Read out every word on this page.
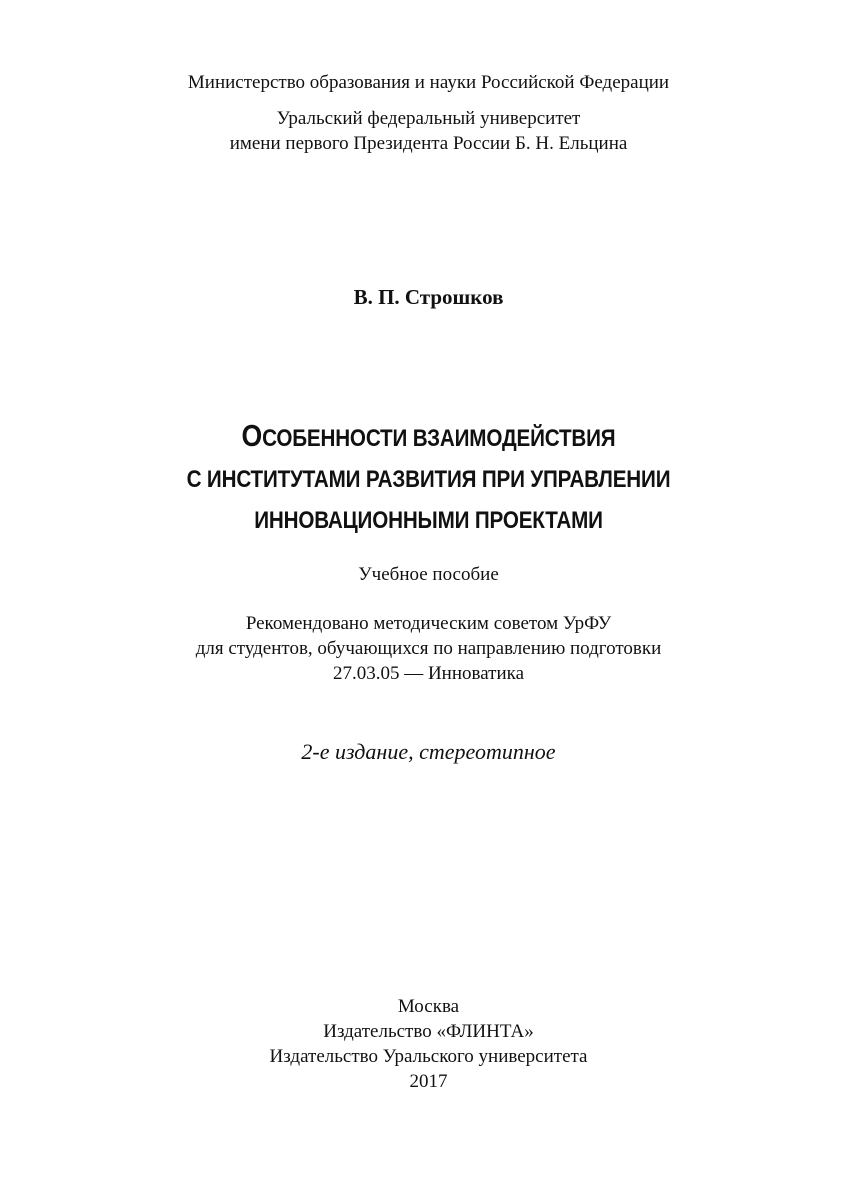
Министерство образования и науки Российской Федерации
Уральский федеральный университет
имени первого Президента России Б. Н. Ельцина
В. П. Строшков
ОСОБЕННОСТИ ВЗАИМОДЕЙСТВИЯ
С ИНСТИТУТАМИ РАЗВИТИЯ ПРИ УПРАВЛЕНИИ
ИННОВАЦИОННЫМИ ПРОЕКТАМИ
Учебное пособие
Рекомендовано методическим советом УрФУ
для студентов, обучающихся по направлению подготовки
27.03.05 — Инноватика
2-е издание, стереотипное
Москва
Издательство «ФЛИНТА»
Издательство Уральского университета
2017
